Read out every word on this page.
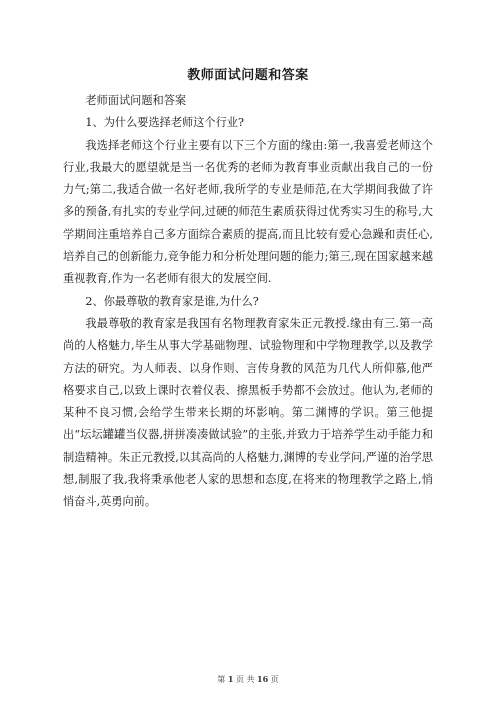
教师面试问题和答案

老师面试问题和答案

1、为什么要选择老师这个行业?

我选择老师这个行业主要有以下三个方面的缘由:第一,我喜爱老师这个行业,我最大的愿望就是当一名优秀的老师为教育事业贡献出我自己的一份力气;第二,我适合做一名好老师,我所学的专业是师范,在大学期间我做了许多的预备,有扎实的专业学问,过硬的师范生素质获得过优秀实习生的称号,大学期间注重培养自己多方面综合素质的提高,而且比较有爱心急躁和责任心,培养自己的创新能力,竞争能力和分析处理问题的能力;第三,现在国家越来越重视教育,作为一名老师有很大的发展空间.

2、你最尊敬的教育家是谁,为什么?

我最尊敬的教育家是我国有名物理教育家朱正元教授.缘由有三.第一高尚的人格魅力,毕生从事大学基础物理、试验物理和中学物理教学,以及教学方法的研究。为人师表、以身作则、言传身教的风范为几代人所仰慕,他严格要求自己,以致上课时衣着仪表、擦黑板手势都不会放过。他认为,老师的某种不良习惯,会给学生带来长期的坏影响。第二渊博的学识。第三他提出“坛坛罐罐当仪器,拼拼凑凑做试验”的主张,并致力于培养学生动手能力和制造精神。朱正元教授,以其高尚的人格魅力,渊博的专业学问,严谨的治学思想,制服了我,我将秉承他老人家的思想和态度,在将来的物理教学之路上,悄悄奋斗,英勇向前。

第 1 页 共 16 页
